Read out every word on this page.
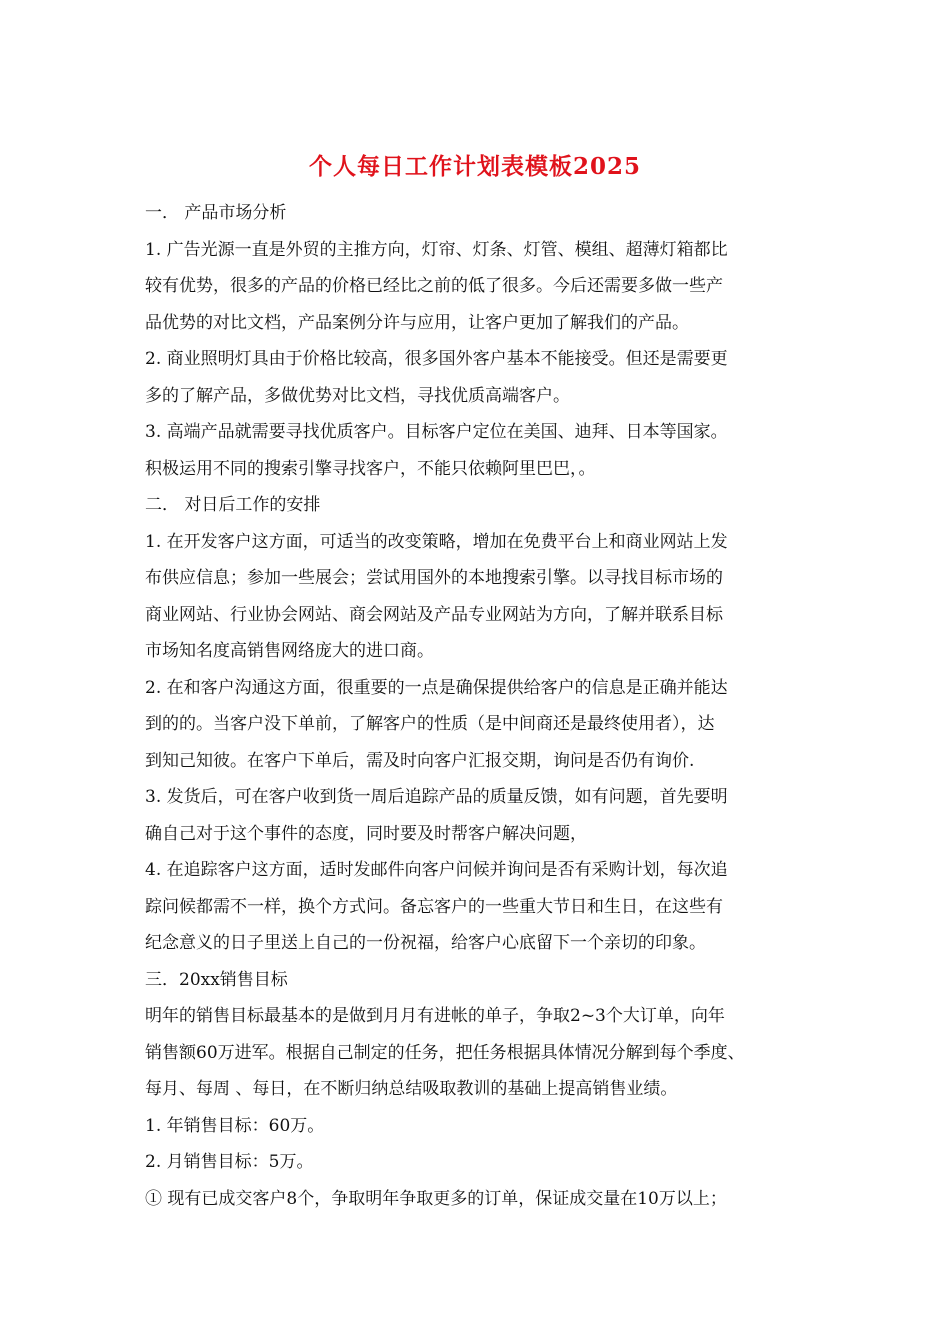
个人每日工作计划表模板2025
一． 产品市场分析
1. 广告光源一直是外贸的主推方向，灯帘、灯条、灯管、模组、超薄灯箱都比
较有优势，很多的产品的价格已经比之前的低了很多。今后还需要多做一些产
品优势的对比文档，产品案例分许与应用，让客户更加了解我们的产品。
2. 商业照明灯具由于价格比较高，很多国外客户基本不能接受。但还是需要更
多的了解产品，多做优势对比文档，寻找优质高端客户。
3. 高端产品就需要寻找优质客户。目标客户定位在美国、迪拜、日本等国家。
积极运用不同的搜索引擎寻找客户，不能只依赖阿里巴巴，。
二． 对日后工作的安排
1. 在开发客户这方面，可适当的改变策略，增加在免费平台上和商业网站上发
布供应信息；参加一些展会；尝试用国外的本地搜索引擎。以寻找目标市场的
商业网站、行业协会网站、商会网站及产品专业网站为方向，了解并联系目标
市场知名度高销售网络庞大的进口商。
2. 在和客户沟通这方面，很重要的一点是确保提供给客户的信息是正确并能达
到的的。当客户没下单前，了解客户的性质（是中间商还是最终使用者），达
到知己知彼。在客户下单后，需及时向客户汇报交期，询问是否仍有询价.
3. 发货后，可在客户收到货一周后追踪产品的质量反馈，如有问题，首先要明
确自己对于这个事件的态度，同时要及时帮客户解决问题，
4. 在追踪客户这方面，适时发邮件向客户问候并询问是否有采购计划，每次追
踪问候都需不一样，换个方式问。备忘客户的一些重大节日和生日，在这些有
纪念意义的日子里送上自己的一份祝福，给客户心底留下一个亲切的印象。
三．20xx销售目标
明年的销售目标最基本的是做到月月有进帐的单子，争取2~3个大订单，向年
销售额60万进军。根据自己制定的任务，把任务根据具体情况分解到每个季度、
每月、每周 、每日，在不断归纳总结吸取教训的基础上提高销售业绩。
1. 年销售目标：60万。
2. 月销售目标：5万。
① 现有已成交客户8个，争取明年争取更多的订单，保证成交量在10万以上；
